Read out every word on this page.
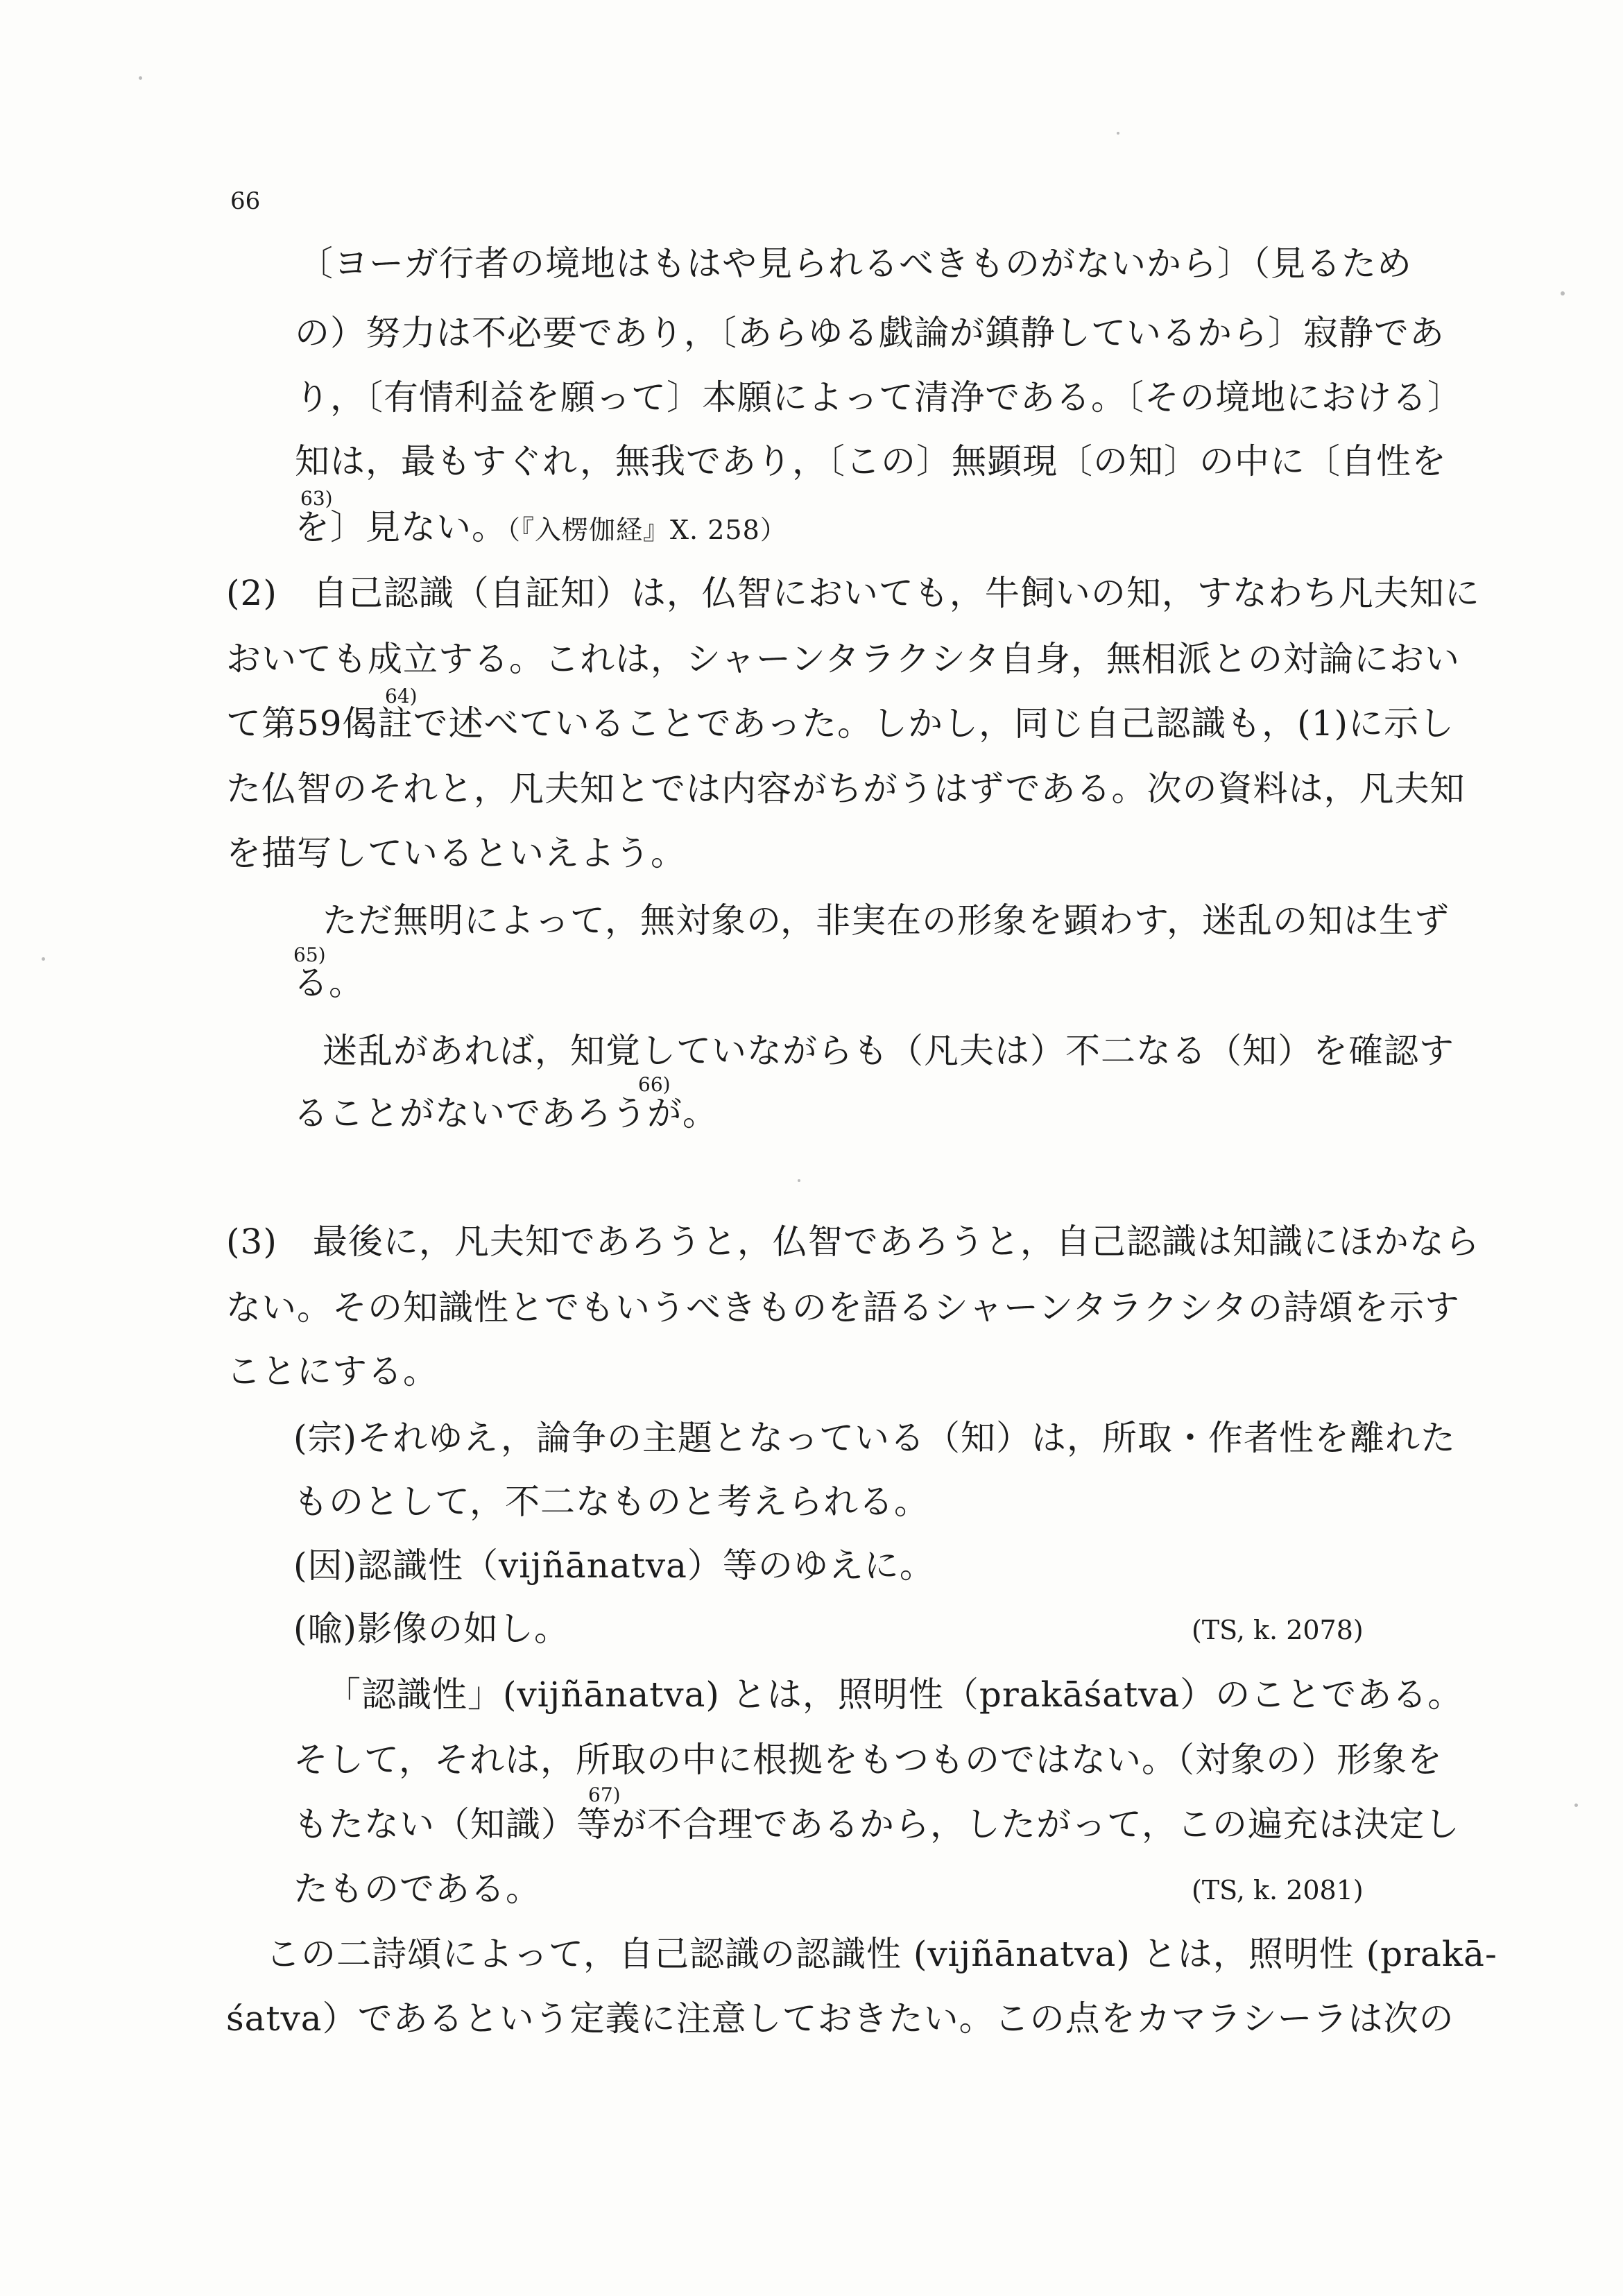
66
〔ヨーガ行者の境地はもはや見られるべきものがないから〕（見るため
の）努力は不必要であり，〔あらゆる戯論が鎮静しているから〕寂静であ
り，〔有情利益を願って〕本願によって清浄である。〔その境地における〕
知は，最もすぐれ，無我であり，〔この〕無顕現〔の知〕の中に〔自性を
63)
を〕見ない。（『入楞伽経』X. 258）
(2)　自己認識（自証知）は，仏智においても，牛飼いの知，すなわち凡夫知に
おいても成立する。これは，シャーンタラクシタ自身，無相派との対論におい
64)
て第59偈註で述べていることであった。しかし，同じ自己認識も，(1)に示し
た仏智のそれと，凡夫知とでは内容がちがうはずである。次の資料は，凡夫知
を描写しているといえよう。
ただ無明によって，無対象の，非実在の形象を顕わす，迷乱の知は生ず
65)
る。
迷乱があれば，知覚していながらも（凡夫は）不二なる（知）を確認す
66)
ることがないであろうが。
(3)　最後に，凡夫知であろうと，仏智であろうと，自己認識は知識にほかなら
ない。その知識性とでもいうべきものを語るシャーンタラクシタの詩頌を示す
ことにする。
(宗)それゆえ，論争の主題となっている（知）は，所取・作者性を離れた
ものとして，不二なものと考えられる。
(因)認識性（vijñānatva）等のゆえに。
(喩)影像の如し。	(TS, k. 2078)
「認識性」(vijñānatva) とは，照明性（prakāśatva）のことである。
そして，それは，所取の中に根拠をもつものではない。（対象の）形象を
67)
もたない（知識）等が不合理であるから，したがって，この遍充は決定し
たものである。	(TS, k. 2081)
この二詩頌によって，自己認識の認識性 (vijñānatva) とは，照明性 (prakā-
śatva）であるという定義に注意しておきたい。この点をカマラシーラは次の
